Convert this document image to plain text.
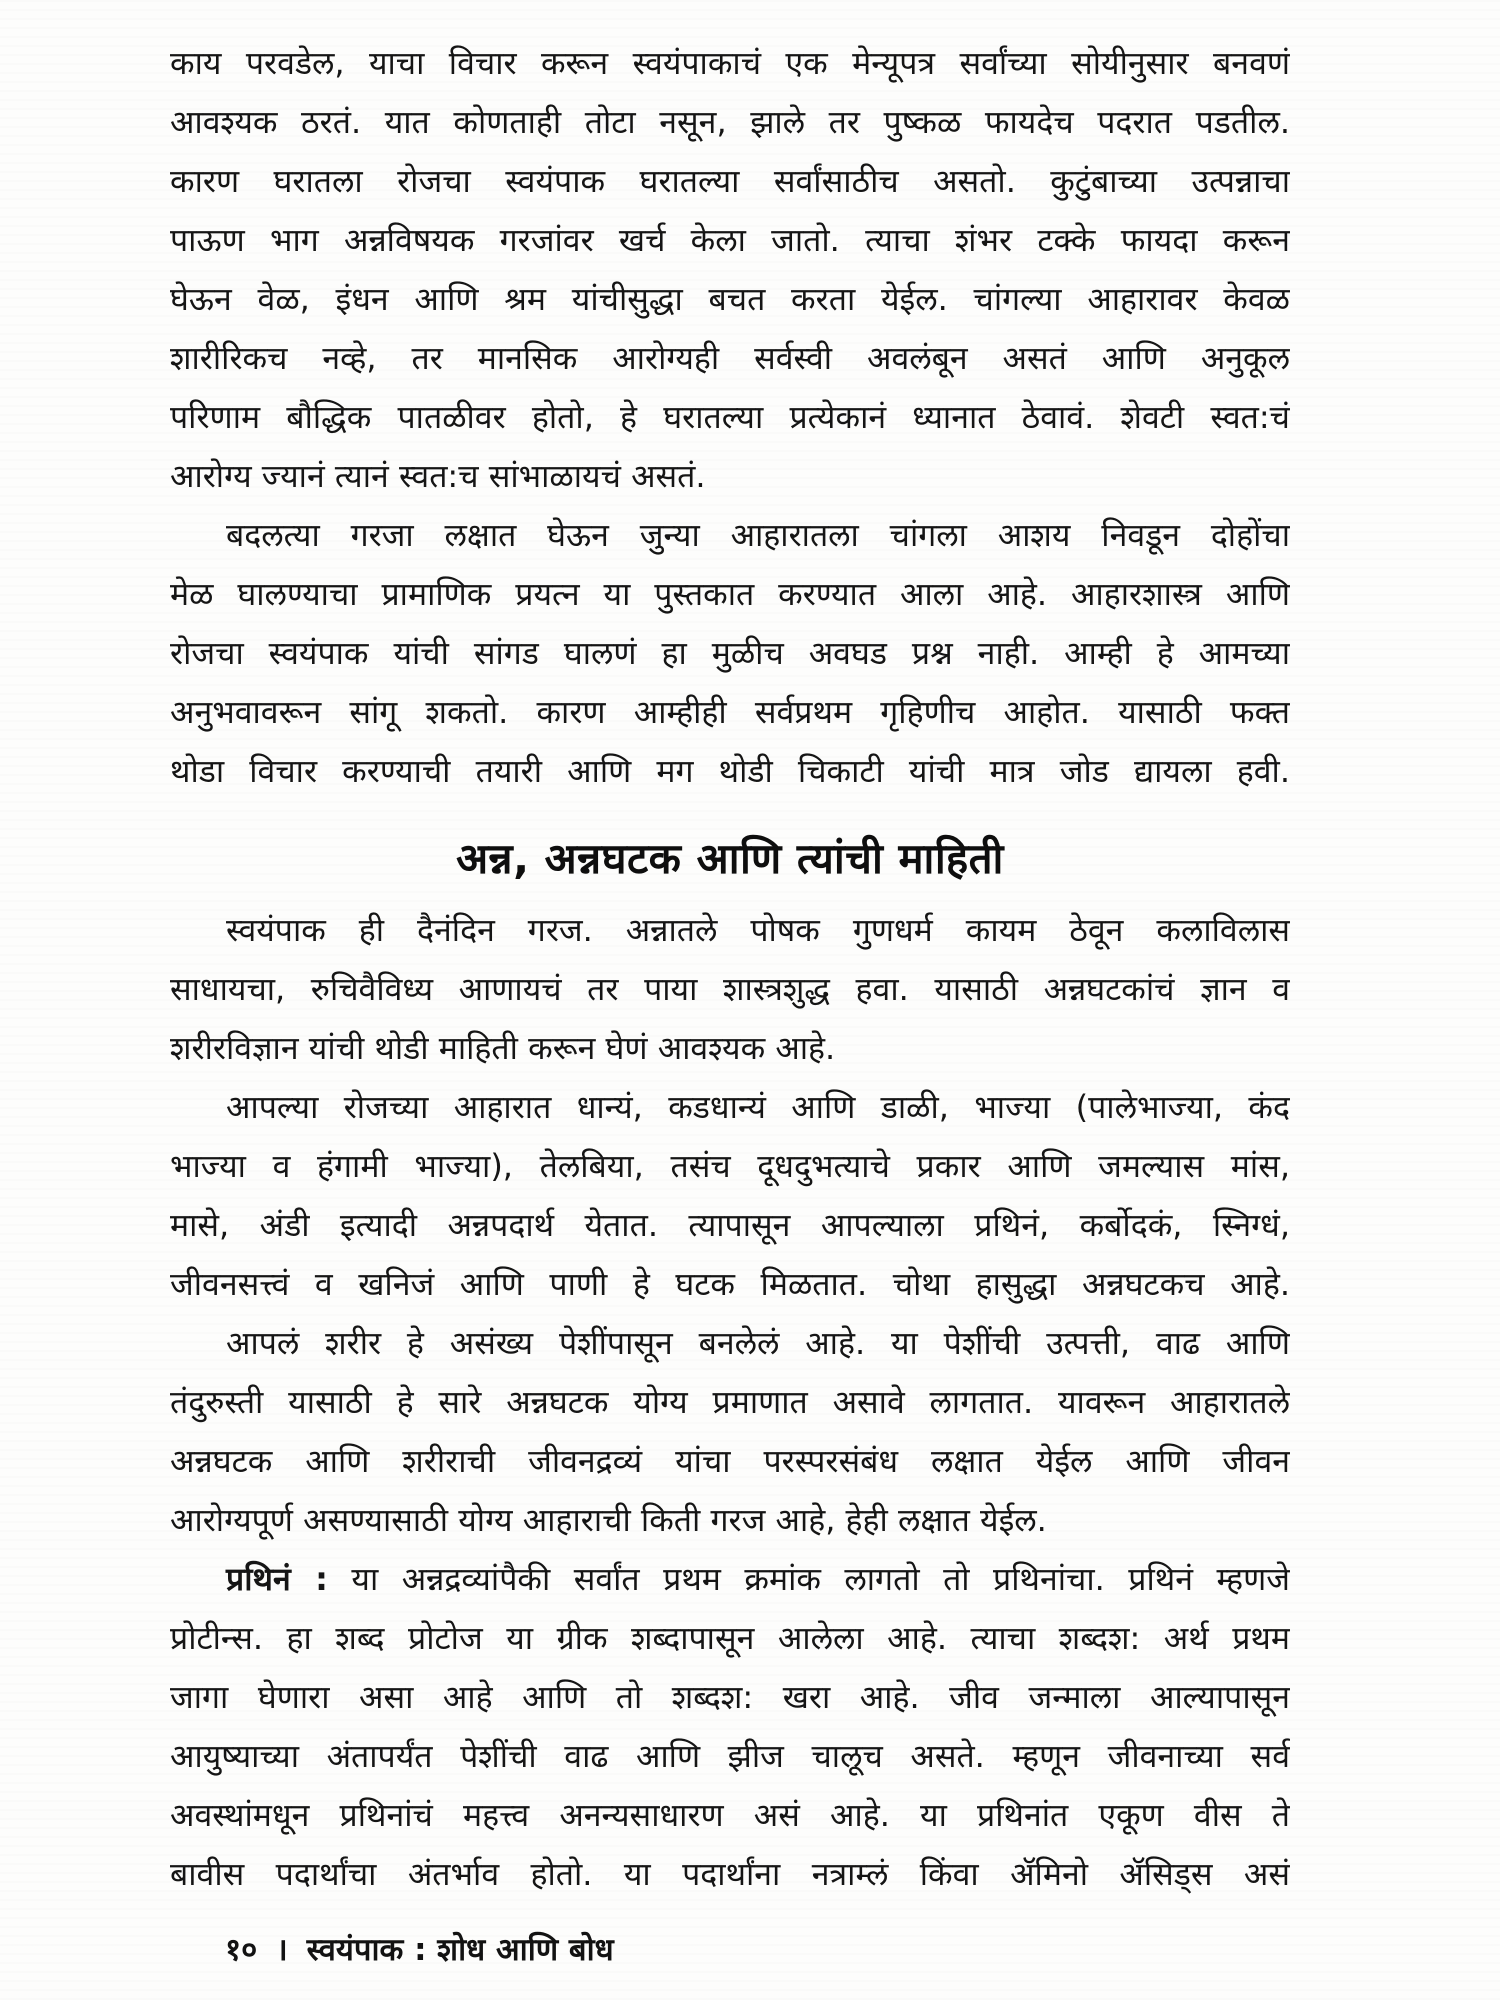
काय परवडेल, याचा विचार करून स्वयंपाकाचं एक मेन्यूपत्र सर्वांच्या सोयीनुसार बनवणं
आवश्यक ठरतं. यात कोणताही तोटा नसून, झाले तर पुष्कळ फायदेच पदरात पडतील.
कारण घरातला रोजचा स्वयंपाक घरातल्या सर्वांसाठीच असतो. कुटुंबाच्या उत्पन्नाचा
पाऊण भाग अन्नविषयक गरजांवर खर्च केला जातो. त्याचा शंभर टक्के फायदा करून
घेऊन वेळ, इंधन आणि श्रम यांचीसुद्धा बचत करता येईल. चांगल्या आहारावर केवळ
शारीरिकच नव्हे, तर मानसिक आरोग्यही सर्वस्वी अवलंबून असतं आणि अनुकूल
परिणाम बौद्धिक पातळीवर होतो, हे घरातल्या प्रत्येकानं ध्यानात ठेवावं. शेवटी स्वत:चं
आरोग्य ज्यानं त्यानं स्वत:च सांभाळायचं असतं.
बदलत्या गरजा लक्षात घेऊन जुन्या आहारातला चांगला आशय निवडून दोहोंचा
मेळ घालण्याचा प्रामाणिक प्रयत्न या पुस्तकात करण्यात आला आहे. आहारशास्त्र आणि
रोजचा स्वयंपाक यांची सांगड घालणं हा मुळीच अवघड प्रश्न नाही. आम्ही हे आमच्या
अनुभवावरून सांगू शकतो. कारण आम्हीही सर्वप्रथम गृहिणीच आहोत. यासाठी फक्त
थोडा विचार करण्याची तयारी आणि मग थोडी चिकाटी यांची मात्र जोड द्यायला हवी.
अन्न, अन्नघटक आणि त्यांची माहिती
स्वयंपाक ही दैनंदिन गरज. अन्नातले पोषक गुणधर्म कायम ठेवून कलाविलास
साधायचा, रुचिवैविध्य आणायचं तर पाया शास्त्रशुद्ध हवा. यासाठी अन्नघटकांचं ज्ञान व
शरीरविज्ञान यांची थोडी माहिती करून घेणं आवश्यक आहे.
आपल्या रोजच्या आहारात धान्यं, कडधान्यं आणि डाळी, भाज्या (पालेभाज्या, कंद
भाज्या व हंगामी भाज्या), तेलबिया, तसंच दूधदुभत्याचे प्रकार आणि जमल्यास मांस,
मासे, अंडी इत्यादी अन्नपदार्थ येतात. त्यापासून आपल्याला प्रथिनं, कर्बोदकं, स्निग्धं,
जीवनसत्त्वं व खनिजं आणि पाणी हे घटक मिळतात. चोथा हासुद्धा अन्नघटकच आहे.
आपलं शरीर हे असंख्य पेशींपासून बनलेलं आहे. या पेशींची उत्पत्ती, वाढ आणि
तंदुरुस्ती यासाठी हे सारे अन्नघटक योग्य प्रमाणात असावे लागतात. यावरून आहारातले
अन्नघटक आणि शरीराची जीवनद्रव्यं यांचा परस्परसंबंध लक्षात येईल आणि जीवन
आरोग्यपूर्ण असण्यासाठी योग्य आहाराची किती गरज आहे, हेही लक्षात येईल.
प्रथिनं : या अन्नद्रव्यांपैकी सर्वांत प्रथम क्रमांक लागतो तो प्रथिनांचा. प्रथिनं म्हणजे
प्रोटीन्स. हा शब्द प्रोटोज या ग्रीक शब्दापासून आलेला आहे. त्याचा शब्दश: अर्थ प्रथम
जागा घेणारा असा आहे आणि तो शब्दश: खरा आहे. जीव जन्माला आल्यापासून
आयुष्याच्या अंतापर्यंत पेशींची वाढ आणि झीज चालूच असते. म्हणून जीवनाच्या सर्व
अवस्थांमधून प्रथिनांचं महत्त्व अनन्यसाधारण असं आहे. या प्रथिनांत एकूण वीस ते
बावीस पदार्थांचा अंतर्भाव होतो. या पदार्थांना नत्राम्लं किंवा ॲमिनो ॲसिड्स असं
१० । स्वयंपाक : शोध आणि बोध
